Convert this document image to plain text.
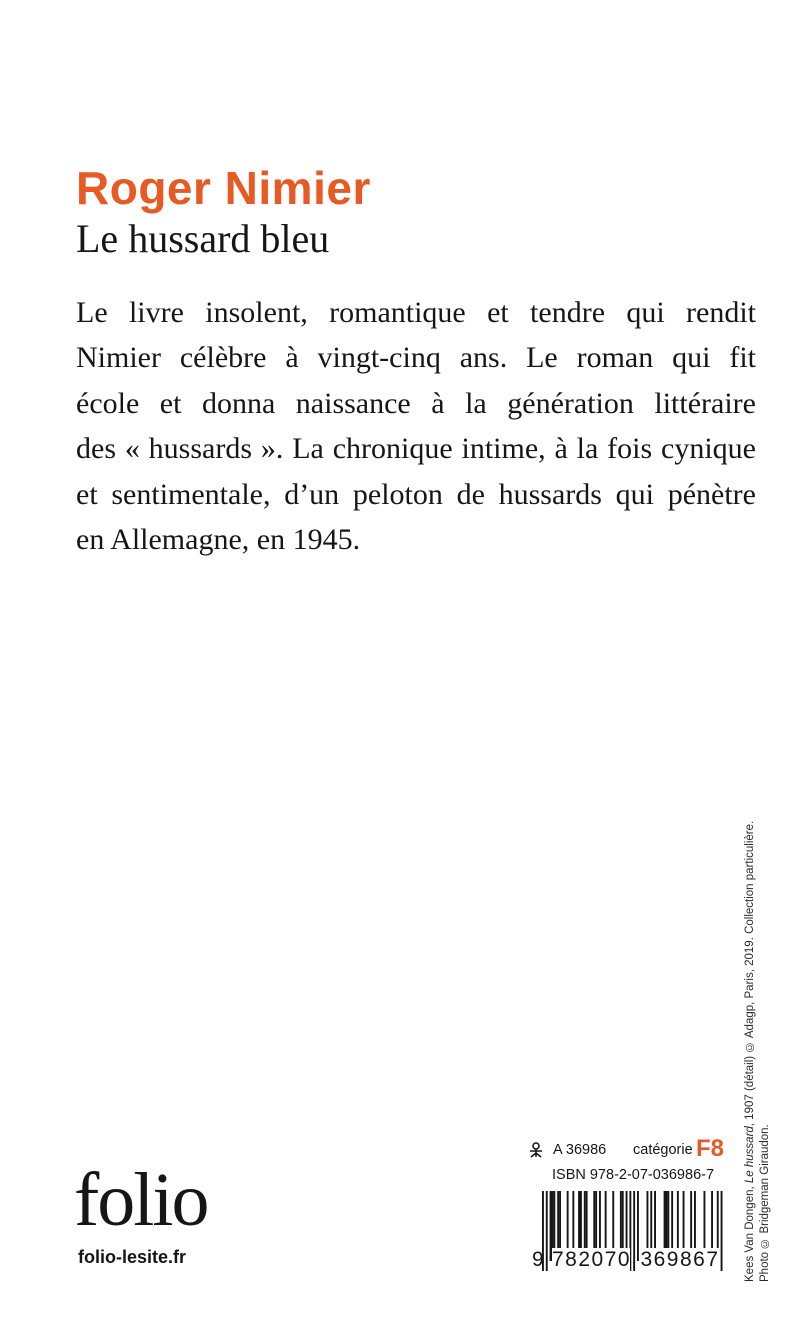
Roger Nimier
Le hussard bleu
Le livre insolent, romantique et tendre qui rendit
Nimier célèbre à vingt-cinq ans. Le roman qui fit
école et donna naissance à la génération littéraire
des « hussards ». La chronique intime, à la fois cynique
et sentimentale, d’un peloton de hussards qui pénètre
en Allemagne, en 1945.
Kees Van Dongen, Le hussard, 1907 (détail) © Adagp, Paris, 2019. Collection particulière.
Photo © Bridgeman Giraudon.
folio
folio-lesite.fr
A 36986 catégorie F8
ISBN 978-2-07-036986-7
9 782070 369867
